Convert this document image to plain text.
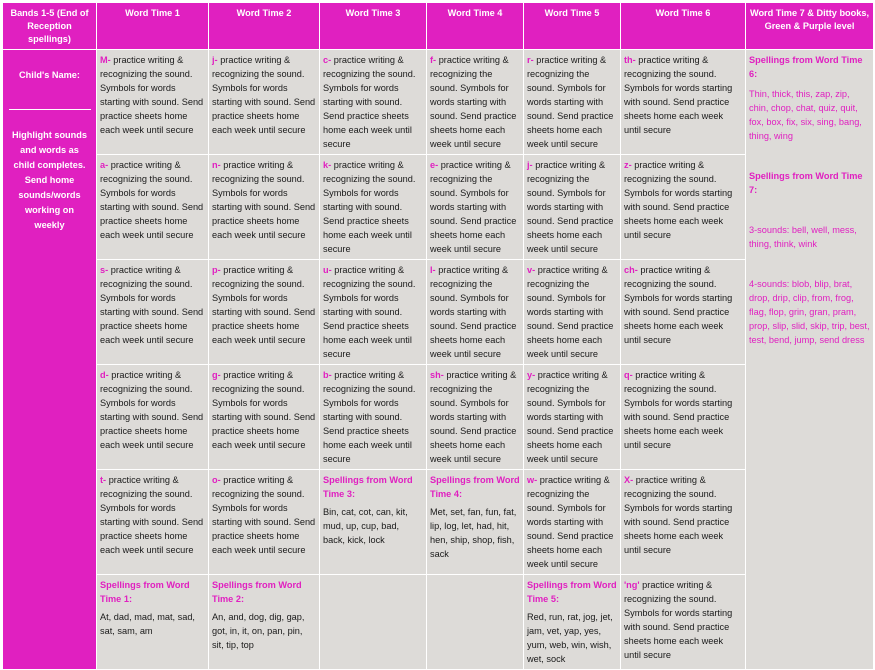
Bands 1-5 (End of Reception spellings)	Word Time 1	Word Time 2	Word Time 3	Word Time 4	Word Time 5	Word Time 6	Word Time 7 & Ditty books, Green & Purple level
Child's Name:
Highlight sounds and words as child completes. Send home sounds/words working on weekly	M- practice writing & recognizing the sound. Symbols for words starting with sound. Send practice sheets home each week until secure	j- practice writing & recognizing the sound. Symbols for words starting with sound. Send practice sheets home each week until secure	c- practice writing & recognizing the sound. Symbols for words starting with sound. Send practice sheets home each week until secure	f- practice writing & recognizing the sound. Symbols for words starting with sound. Send practice sheets home each week until secure	r- practice writing & recognizing the sound. Symbols for words starting with sound. Send practice sheets home each week until secure	th- practice writing & recognizing the sound. Symbols for words starting with sound. Send practice sheets home each week until secure	Spellings from Word Time 6:
Thin, thick, this, zap, zip, chin, chop, chat, quiz, quit, fox, box, fix, six, sing, bang, thing, wing
Spellings from Word Time 7:
3-sounds: bell, well, mess, thing, think, wink
4-sounds: blob, blip, brat, drop, drip, clip, from, frog, flag, flop, grin, gran, pram, prop, slip, slid, skip, trip, best, test, bend, jump, send dress

	a- practice writing & recognizing the sound. Symbols for words starting with sound. Send practice sheets home each week until secure	n- practice writing & recognizing the sound. Symbols for words starting with sound. Send practice sheets home each week until secure	k- practice writing & recognizing the sound. Symbols for words starting with sound. Send practice sheets home each week until secure	e- practice writing & recognizing the sound. Symbols for words starting with sound. Send practice sheets home each week until secure	j- practice writing & recognizing the sound. Symbols for words starting with sound. Send practice sheets home each week until secure	z- practice writing & recognizing the sound. Symbols for words starting with sound. Send practice sheets home each week until secure	
	s- practice writing & recognizing the sound. Symbols for words starting with sound. Send practice sheets home each week until secure	p- practice writing & recognizing the sound. Symbols for words starting with sound. Send practice sheets home each week until secure	u- practice writing & recognizing the sound. Symbols for words starting with sound. Send practice sheets home each week until secure	l- practice writing & recognizing the sound. Symbols for words starting with sound. Send practice sheets home each week until secure	v- practice writing & recognizing the sound. Symbols for words starting with sound. Send practice sheets home each week until secure	ch- practice writing & recognizing the sound. Symbols for words starting with sound. Send practice sheets home each week until secure	
	d- practice writing & recognizing the sound. Symbols for words starting with sound. Send practice sheets home each week until secure	g- practice writing & recognizing the sound. Symbols for words starting with sound. Send practice sheets home each week until secure	b- practice writing & recognizing the sound. Symbols for words starting with sound. Send practice sheets home each week until secure	sh- practice writing & recognizing the sound. Symbols for words starting with sound. Send practice sheets home each week until secure	y- practice writing & recognizing the sound. Symbols for words starting with sound. Send practice sheets home each week until secure	q- practice writing & recognizing the sound. Symbols for words starting with sound. Send practice sheets home each week until secure	
	t- practice writing & recognizing the sound. Symbols for words starting with sound. Send practice sheets home each week until secure	o- practice writing & recognizing the sound. Symbols for words starting with sound. Send practice sheets home each week until secure	Spellings from Word Time 3:
Bin, cat, cot, can, kit, mud, up, cup, bad, back, kick, lock	Spellings from Word Time 4:
Met, set, fan, fun, fat, lip, log, let, had, hit, hen, ship, shop, fish, sack	w- practice writing & recognizing the sound. Symbols for words starting with sound. Send practice sheets home each week until secure	X- practice writing & recognizing the sound. Symbols for words starting with sound. Send practice sheets home each week until secure	
	Spellings from Word Time 1:
At, dad, mad, mat, sad, sat, sam, am	Spellings from Word Time 2:
An, and, dog, dig, gap, got, in, it, on, pan, pin, sit, tip, top			Spellings from Word Time 5:
Red, run, rat, jog, jet, jam, vet, yap, yes, yum, web, win, wish, wet, sock	'ng' practice writing & recognizing the sound. Symbols for words starting with sound. Send practice sheets home each week until secure	
